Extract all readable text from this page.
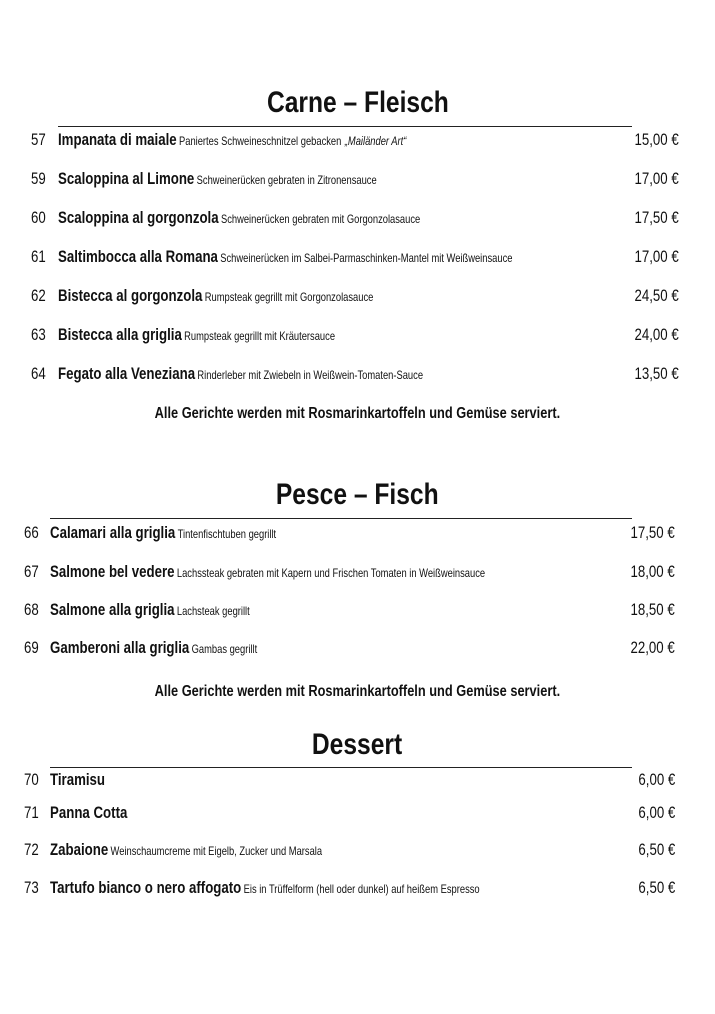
Carne – Fleisch
57 Impanata di maiale Paniertes Schweineschnitzel gebacken „Mailänder Art“	15,00 €
59 Scaloppina al Limone Schweinerücken gebraten in Zitronensauce	17,00 €
60 Scaloppina al gorgonzola Schweinerücken gebraten mit Gorgonzolasauce	17,50 €
61 Saltimbocca alla Romana Schweinerücken im Salbei-Parmaschinken-Mantel mit Weißweinsauce	17,00 €
62 Bistecca al gorgonzola Rumpsteak gegrillt mit Gorgonzolasauce	24,50 €
63 Bistecca alla griglia Rumpsteak gegrillt mit Kräutersauce	24,00 €
64 Fegato alla Veneziana Rinderleber mit Zwiebeln in Weißwein-Tomaten-Sauce	13,50 €
Alle Gerichte werden mit Rosmarinkartoffeln und Gemüse serviert.
Pesce – Fisch
66 Calamari alla griglia Tintenfischtuben gegrillt	17,50 €
67 Salmone bel vedere Lachssteak gebraten mit Kapern und Frischen Tomaten in Weißweinsauce	18,00 €
68 Salmone alla griglia Lachsteak gegrillt	18,50 €
69 Gamberoni alla griglia Gambas gegrillt	22,00 €
Alle Gerichte werden mit Rosmarinkartoffeln und Gemüse serviert.
Dessert
70 Tiramisu	6,00 €
71 Panna Cotta	6,00 €
72 Zabaione Weinschaumcreme mit Eigelb, Zucker und Marsala	6,50 €
73 Tartufo bianco o nero affogato Eis in Trüffelform (hell oder dunkel) auf heißem Espresso	6,50 €
